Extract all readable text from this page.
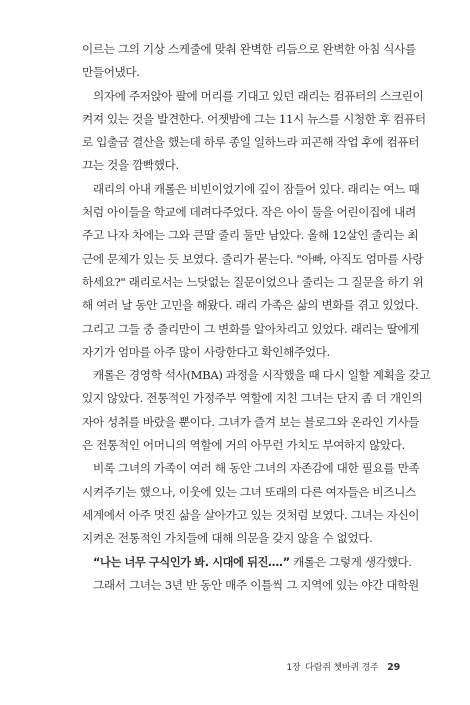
이르는 그의 기상 스케줄에 맞춰 완벽한 리듬으로 완벽한 아침 식사를
만들어냈다.
의자에 주저앉아 팔에 머리를 기대고 있던 래리는 컴퓨터의 스크린이
켜져 있는 것을 발견한다. 어젯밤에 그는 11시 뉴스를 시청한 후 컴퓨터
로 입출금 결산을 했는데 하루 종일 일하느라 피곤해 작업 후에 컴퓨터
끄는 것을 깜빡했다.
래리의 아내 캐롤은 비빈이었기에 깊이 잠들어 있다. 래리는 여느 때
처럼 아이들을 학교에 데려다주었다. 작은 아이 둘을 어린이집에 내려
주고 나자 차에는 그와 큰딸 줄리 둘만 남았다. 올해 12살인 줄리는 최
근에 문제가 있는 듯 보였다. 줄리가 묻는다. "아빠, 아직도 엄마를 사랑
하세요?" 래리로서는 느닷없는 질문이었으나 줄리는 그 질문을 하기 위
해 여러 날 동안 고민을 해왔다. 래리 가족은 삶의 변화를 겪고 있었다.
그리고 그들 중 줄리만이 그 변화를 알아차리고 있었다. 래리는 딸에게
자기가 엄마를 아주 많이 사랑한다고 확인해주었다.
캐롤은 경영학 석사(MBA) 과정을 시작했을 때 다시 일할 계획을 갖고
있지 않았다. 전통적인 가정주부 역할에 지친 그녀는 단지 좀 더 개인의
자아 성취를 바랐을 뿐이다. 그녀가 즐겨 보는 블로그와 온라인 기사들
은 전통적인 어머니의 역할에 거의 아무런 가치도 부여하지 않았다.
비록 그녀의 가족이 여러 해 동안 그녀의 자존감에 대한 필요를 만족
시켜주기는 했으나, 이웃에 있는 그녀 또래의 다른 여자들은 비즈니스
세계에서 아주 멋진 삶을 살아가고 있는 것처럼 보였다. 그녀는 자신이
지켜온 전통적인 가치들에 대해 의문을 갖지 않을 수 없었다.
“나는 너무 구식인가 봐. 시대에 뒤진….” 캐롤은 그렇게 생각했다.
그래서 그녀는 3년 반 동안 매주 이틀씩 그 지역에 있는 야간 대학원
1장 다람쥐 쳇바퀴 경주 29
